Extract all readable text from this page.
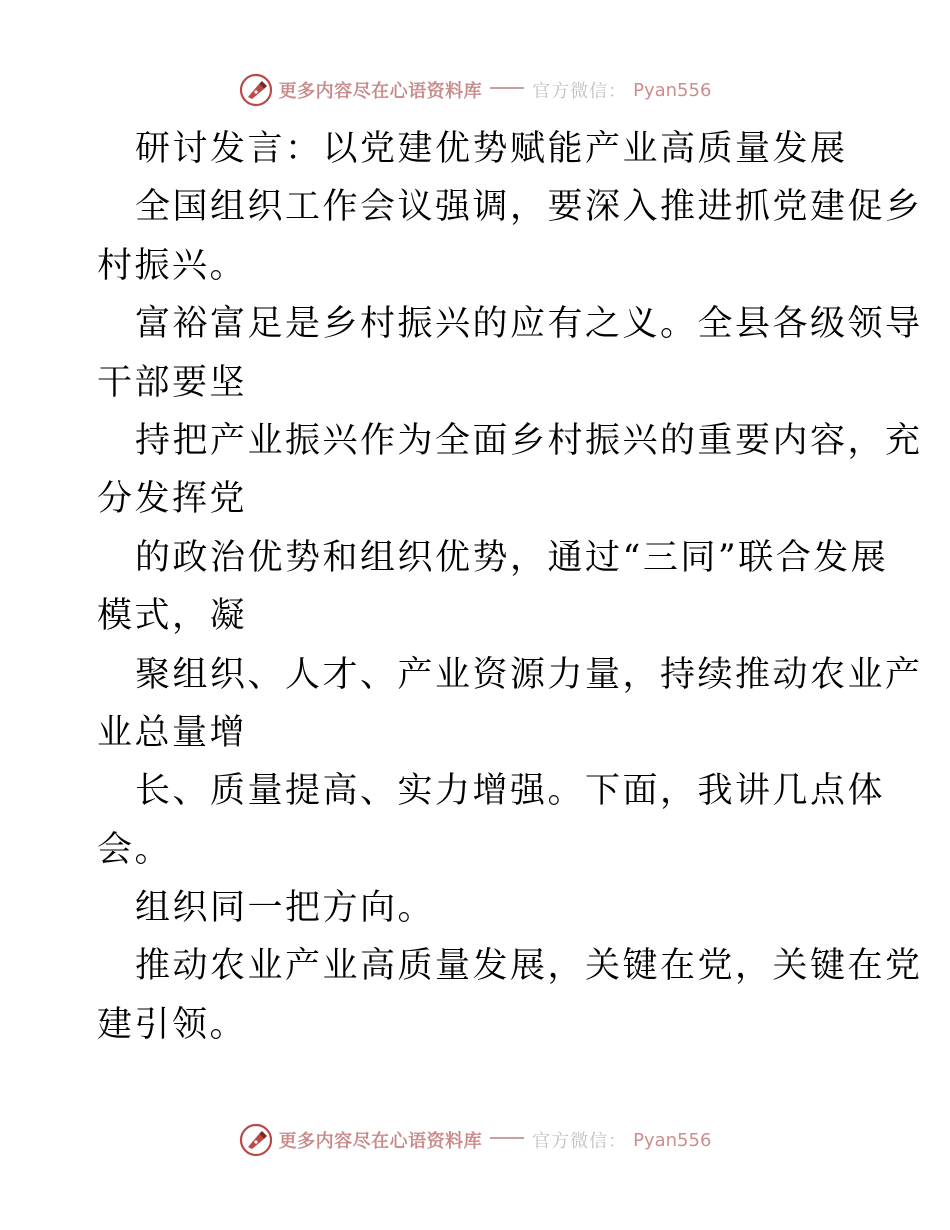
更多内容尽在心语资料库	官方微信： Pyan556
研讨发言：以党建优势赋能产业高质量发展
全国组织工作会议强调，要深入推进抓党建促乡
村振兴。
富裕富足是乡村振兴的应有之义。全县各级领导
干部要坚
持把产业振兴作为全面乡村振兴的重要内容，充
分发挥党
的政治优势和组织优势，通过“三同”联合发展
模式，凝
聚组织、人才、产业资源力量，持续推动农业产
业总量增
长、质量提高、实力增强。下面，我讲几点体
会。
组织同一把方向。
推动农业产业高质量发展，关键在党，关键在党
建引领。
更多内容尽在心语资料库	官方微信： Pyan556
